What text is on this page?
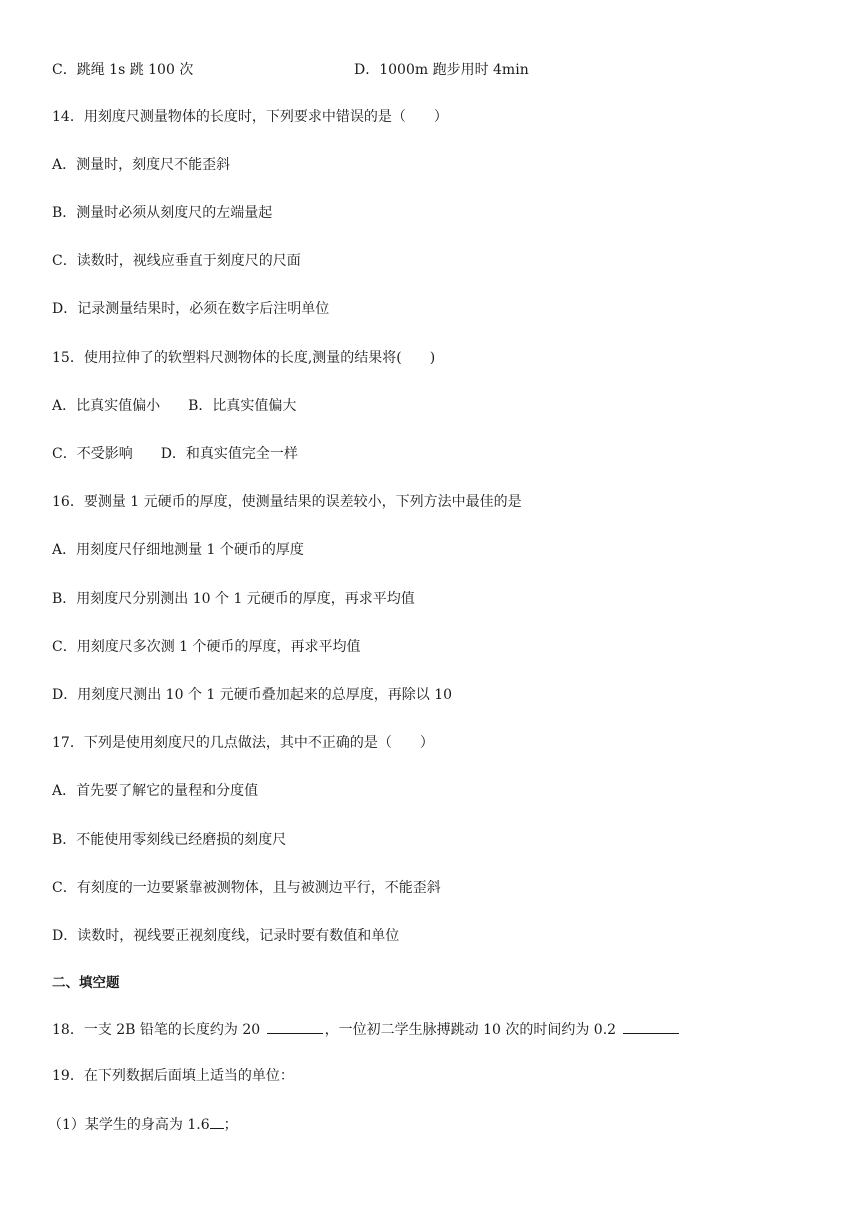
C．跳绳 1s 跳 100 次	D．1000m 跑步用时 4min
14．用刻度尺测量物体的长度时，下列要求中错误的是（　　）
A．测量时，刻度尺不能歪斜
B．测量时必须从刻度尺的左端量起
C．读数时，视线应垂直于刻度尺的尺面
D．记录测量结果时，必须在数字后注明单位
15．使用拉伸了的软塑料尺测物体的长度,测量的结果将(　　)
A．比真实值偏小　　B．比真实值偏大
C．不受影响　　D．和真实值完全一样
16．要测量 1 元硬币的厚度，使测量结果的误差较小，下列方法中最佳的是
A．用刻度尺仔细地测量 1 个硬币的厚度
B．用刻度尺分别测出 10 个 1 元硬币的厚度，再求平均值
C．用刻度尺多次测 1 个硬币的厚度，再求平均值
D．用刻度尺测出 10 个 1 元硬币叠加起来的总厚度，再除以 10
17．下列是使用刻度尺的几点做法，其中不正确的是（　　）
A．首先要了解它的量程和分度值
B．不能使用零刻线已经磨损的刻度尺
C．有刻度的一边要紧靠被测物体，且与被测边平行，不能歪斜
D．读数时，视线要正视刻度线，记录时要有数值和单位
二、填空题
18．一支 2B 铅笔的长度约为 20	，一位初二学生脉搏跳动 10 次的时间约为 0.2
19．在下列数据后面填上适当的单位：
（1）某学生的身高为 1.6 ；
